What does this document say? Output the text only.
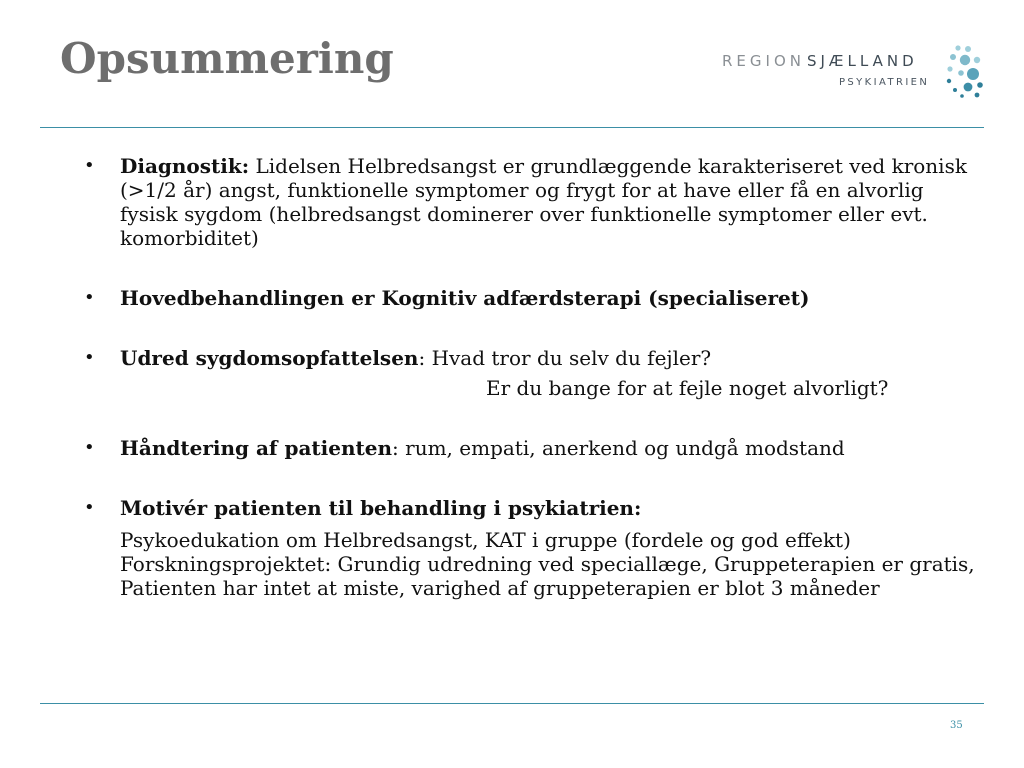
Opsummering	REGION SJÆLLAND
PSYKIATRIEN
• Diagnostik: Lidelsen Helbredsangst er grundlæggende karakteriseret ved kronisk (>1/2 år) angst, funktionelle symptomer og frygt for at have eller få en alvorlig fysisk sygdom (helbredsangst dominerer over funktionelle symptomer eller evt. komorbiditet)
• Hovedbehandlingen er Kognitiv adfærdsterapi (specialiseret)
• Udred sygdomsopfattelsen: Hvad tror du selv du fejler?
Er du bange for at fejle noget alvorligt?
• Håndtering af patienten: rum, empati, anerkend og undgå modstand
• Motivér patienten til behandling i psykiatrien:
Psykoedukation om Helbredsangst, KAT i gruppe (fordele og god effekt) Forskningsprojektet: Grundig udredning ved speciallæge, Gruppeterapien er gratis, Patienten har intet at miste, varighed af gruppeterapien er blot 3 måneder
35
